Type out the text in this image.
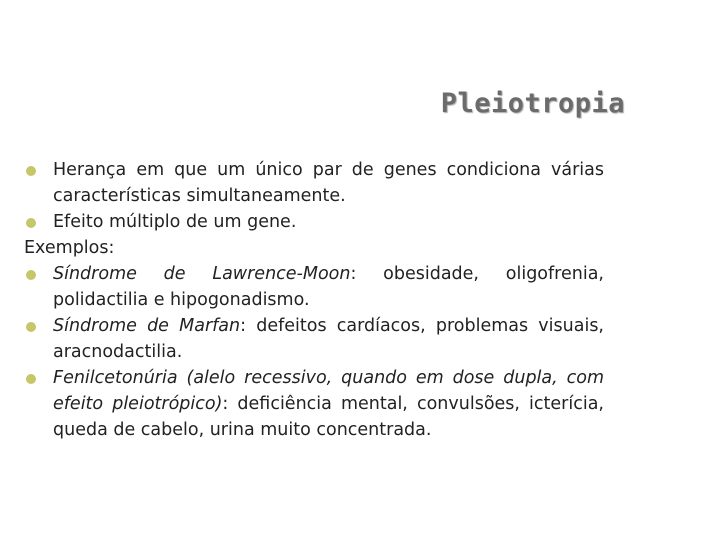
Pleiotropia
Herança em que um único par de genes condiciona várias características simultaneamente.
Efeito múltiplo de um gene.
Exemplos:
Síndrome de Lawrence-Moon: obesidade, oligofrenia, polidactilia e hipogonadismo.
Síndrome de Marfan: defeitos cardíacos, problemas visuais, aracnodactilia.
Fenilcetonúria (alelo recessivo, quando em dose dupla, com efeito pleiotrópico): deficiência mental, convulsões, icterícia, queda de cabelo, urina muito concentrada.
